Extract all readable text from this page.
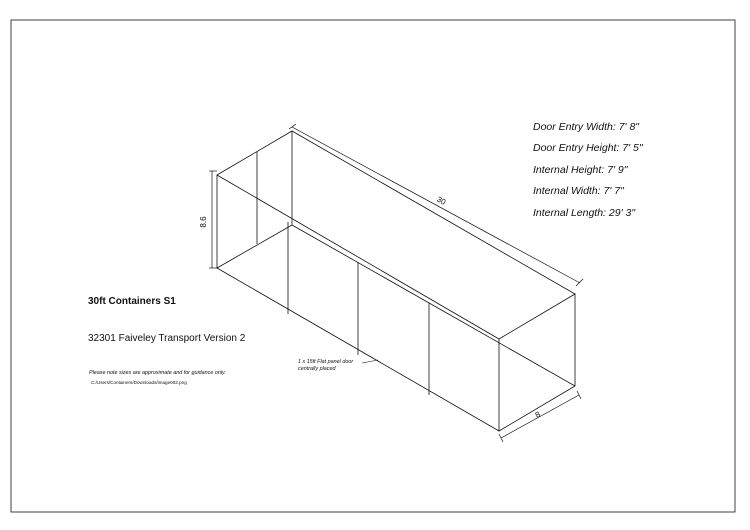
8.6
30
8
Door Entry Width: 7' 8"
Door Entry Height: 7' 5"
Internal Height: 7' 9"
Internal Width: 7' 7"
Internal Length: 29' 3"
30ft Containers S1
32301 Faiveley Transport Version 2
Please note sizes are approximate and for guidance only.
C:/Users/Containers/Downloads/image002.png
1 x 15ft Flat panel door
centrally placed
